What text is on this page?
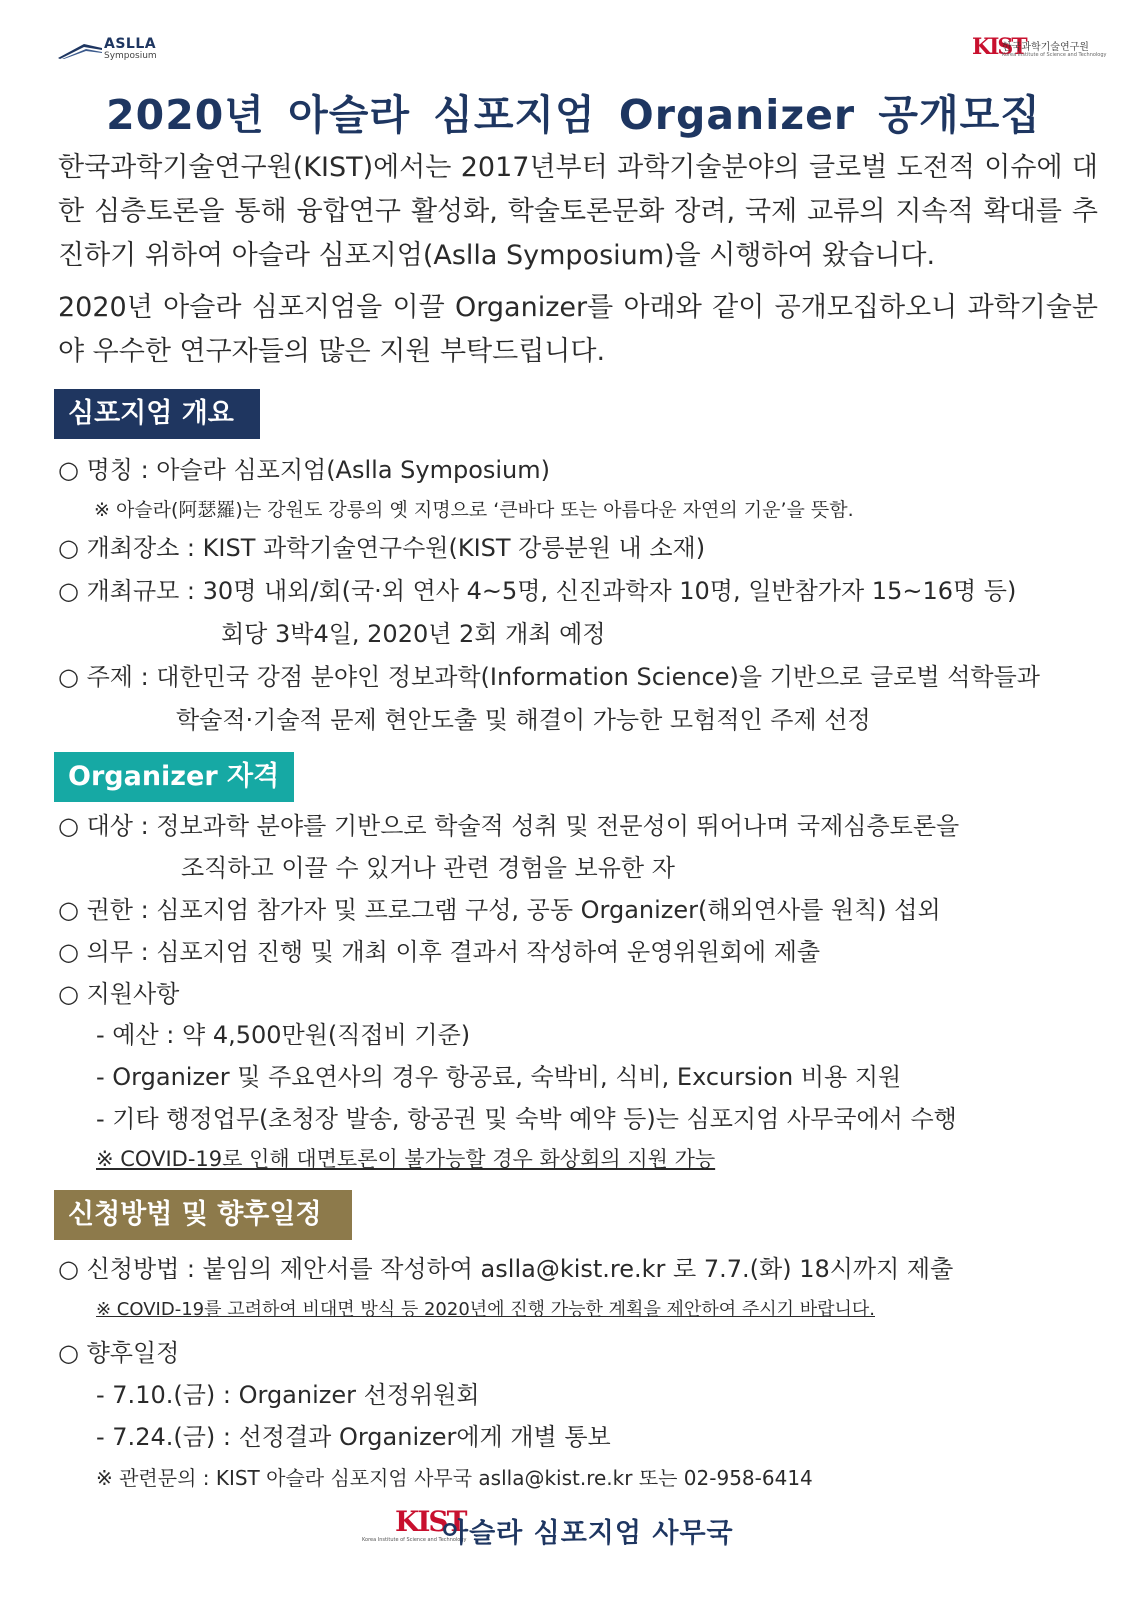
ASLLA
Symposium	KIST
한국과학기술연구원
Korea Institute of Science and Technology
2020년 아슬라 심포지엄 Organizer 공개모집
한국과학기술연구원(KIST)에서는 2017년부터 과학기술분야의 글로벌 도전적 이슈에 대한 심층토론을 통해 융합연구 활성화, 학술토론문화 장려, 국제 교류의 지속적 확대를 추진하기 위하여 아슬라 심포지엄(Aslla Symposium)을 시행하여 왔습니다.
2020년 아슬라 심포지엄을 이끌 Organizer를 아래와 같이 공개모집하오니 과학기술분야 우수한 연구자들의 많은 지원 부탁드립니다.
심포지엄 개요
○ 명칭 : 아슬라 심포지엄(Aslla Symposium)
※ 아슬라(阿瑟羅)는 강원도 강릉의 옛 지명으로 ‘큰바다 또는 아름다운 자연의 기운’을 뜻함.
○ 개최장소 : KIST 과학기술연구수원(KIST 강릉분원 내 소재)
○ 개최규모 : 30명 내외/회(국·외 연사 4~5명, 신진과학자 10명, 일반참가자 15~16명 등)
회당 3박4일, 2020년 2회 개최 예정
○ 주제 : 대한민국 강점 분야인 정보과학(Information Science)을 기반으로 글로벌 석학들과
학술적·기술적 문제 현안도출 및 해결이 가능한 모험적인 주제 선정
Organizer 자격
○ 대상 : 정보과학 분야를 기반으로 학술적 성취 및 전문성이 뛰어나며 국제심층토론을
조직하고 이끌 수 있거나 관련 경험을 보유한 자
○ 권한 : 심포지엄 참가자 및 프로그램 구성, 공동 Organizer(해외연사를 원칙) 섭외
○ 의무 : 심포지엄 진행 및 개최 이후 결과서 작성하여 운영위원회에 제출
○ 지원사항
- 예산 : 약 4,500만원(직접비 기준)
- Organizer 및 주요연사의 경우 항공료, 숙박비, 식비, Excursion 비용 지원
- 기타 행정업무(초청장 발송, 항공권 및 숙박 예약 등)는 심포지엄 사무국에서 수행
※ COVID-19로 인해 대면토론이 불가능할 경우 화상회의 지원 가능
신청방법 및 향후일정
○ 신청방법 : 붙임의 제안서를 작성하여 aslla@kist.re.kr 로 7.7.(화) 18시까지 제출
※ COVID-19를 고려하여 비대면 방식 등 2020년에 진행 가능한 계획을 제안하여 주시기 바랍니다.
○ 향후일정
- 7.10.(금) : Organizer 선정위원회
- 7.24.(금) : 선정결과 Organizer에게 개별 통보
※ 관련문의 : KIST 아슬라 심포지엄 사무국 aslla@kist.re.kr 또는 02-958-6414
KIST
Korea Institute of Science and Technology
아슬라 심포지엄 사무국
